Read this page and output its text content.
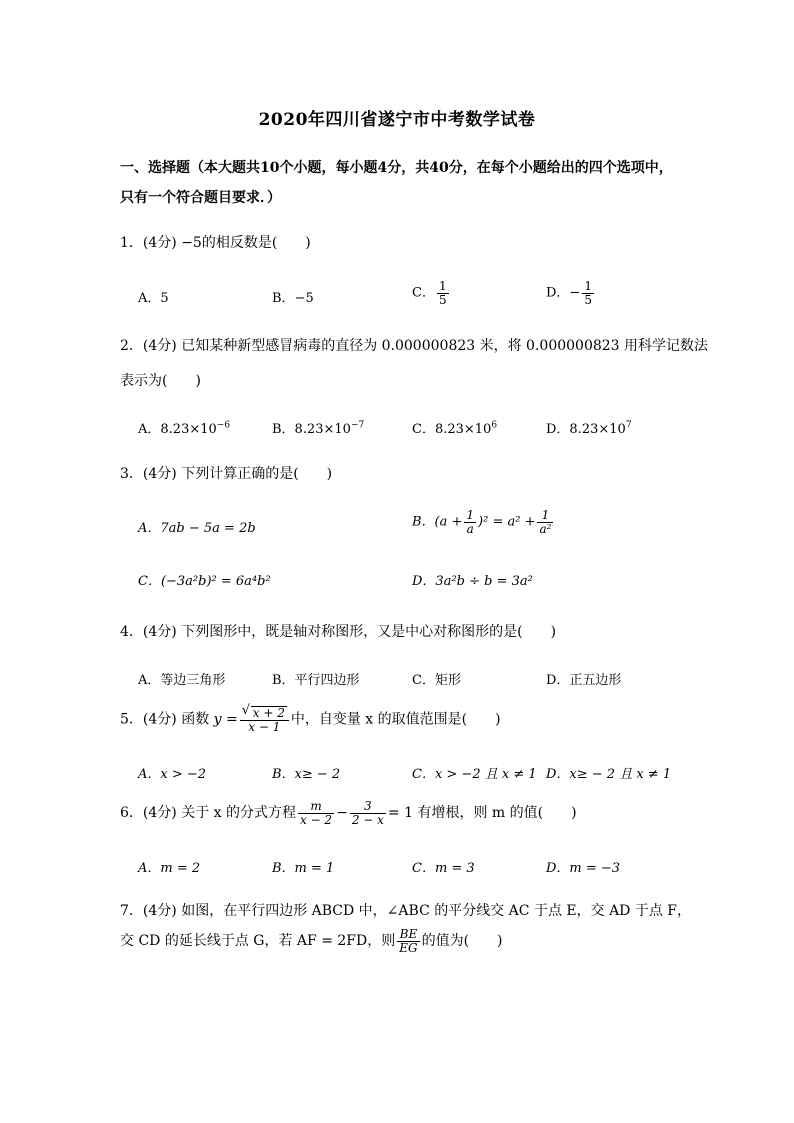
2020年四川省遂宁市中考数学试卷
一、选择题（本大题共10个小题，每小题4分，共40分，在每个小题给出的四个选项中，
只有一个符合题目要求．）
1．(4分) −5的相反数是(　　)
A．5	B．−5	C． $\frac{1}{5}$	D．− $\frac{1}{5}$
2．(4分) 已知某种新型感冒病毒的直径为 0.000000823 米，将 0.000000823 用科学记数法
表示为(　　)
A．$8.23\times 10^{-6}$	B．$8.23\times 10^{-7}$	C．$8.23\times 10^6$	D．$8.23\times 10^7$
3．(4分) 下列计算正确的是(　　)
A．7ab − 5a = 2b	B．$(a + \frac{1}{a} )^2 = a^2 + \frac{1}{\text{a²}}$
C．(−3a²b)² = 6a⁴b²	D．3a²b ÷ b = 3a²
4．(4分) 下列图形中，既是轴对称图形，又是中心对称图形的是(　　)
A．等边三角形	B．平行四边形	C．矩形	D．正五边形
5．(4分) 函数 y =
√ $\frac{x + 2}{x - 1}$ 中，自变量 x 的取值范围是(　　)
A．x > −2	B．x≥ − 2	C．x > −2 且 x ≠ 1 D．x≥ − 2 且 x ≠ 1
6．(4分) 关于 x 的分式方程 $\frac{m}{x - 2} - \frac{3}{2 - x} = 1$ 有增根，则 m 的值(　　)
A．m = 2	B．m = 1	C．m = 3	D．m = −3
7．(4分) 如图，在平行四边形 ABCD 中，∠ABC 的平分线交 AC 于点 E，交 AD 于点 F，
交 CD 的延长线于点 G，若 AF = 2FD，则 $\frac{BE}{EG}$ 的值为(　　)
